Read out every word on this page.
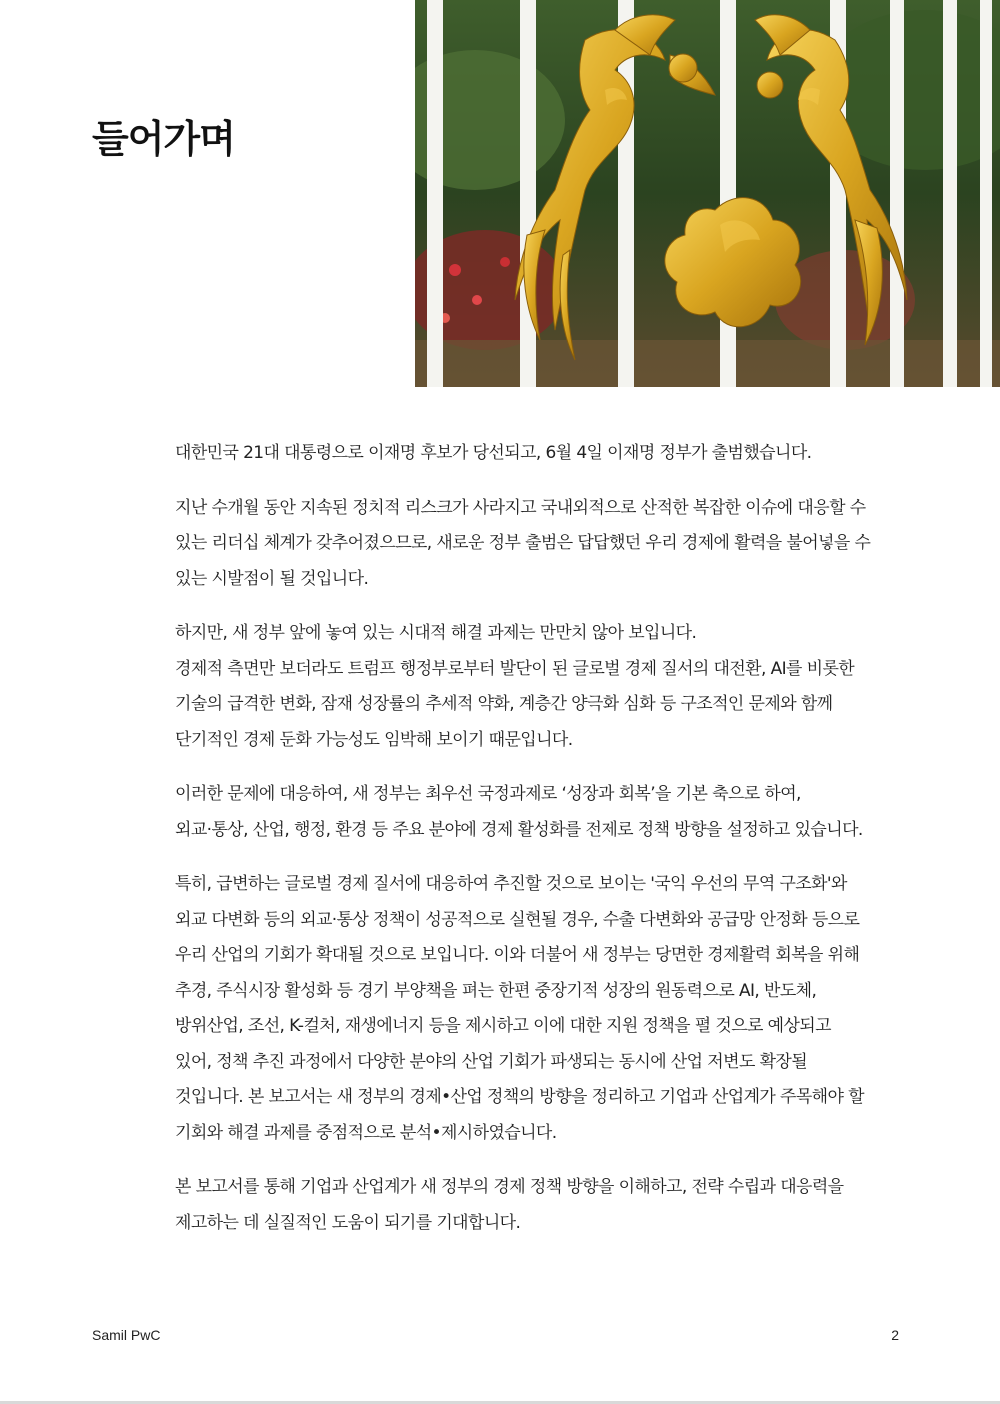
들어가며

대한민국 21대 대통령으로 이재명 후보가 당선되고, 6월 4일 이재명 정부가 출범했습니다.

지난 수개월 동안 지속된 정치적 리스크가 사라지고 국내외적으로 산적한 복잡한 이슈에 대응할 수
있는 리더십 체계가 갖추어졌으므로, 새로운 정부 출범은 답답했던 우리 경제에 활력을 불어넣을 수
있는 시발점이 될 것입니다.

하지만, 새 정부 앞에 놓여 있는 시대적 해결 과제는 만만치 않아 보입니다.
경제적 측면만 보더라도 트럼프 행정부로부터 발단이 된 글로벌 경제 질서의 대전환, AI를 비롯한
기술의 급격한 변화, 잠재 성장률의 추세적 약화, 계층간 양극화 심화 등 구조적인 문제와 함께
단기적인 경제 둔화 가능성도 임박해 보이기 때문입니다.

이러한 문제에 대응하여, 새 정부는 최우선 국정과제로 ‘성장과 회복’을 기본 축으로 하여,
외교·통상, 산업, 행정, 환경 등 주요 분야에 경제 활성화를 전제로 정책 방향을 설정하고 있습니다.

특히, 급변하는 글로벌 경제 질서에 대응하여 추진할 것으로 보이는 '국익 우선의 무역 구조화'와
외교 다변화 등의 외교·통상 정책이 성공적으로 실현될 경우, 수출 다변화와 공급망 안정화 등으로
우리 산업의 기회가 확대될 것으로 보입니다. 이와 더불어 새 정부는 당면한 경제활력 회복을 위해
추경, 주식시장 활성화 등 경기 부양책을 펴는 한편 중장기적 성장의 원동력으로 AI, 반도체,
방위산업, 조선, K-컬처, 재생에너지 등을 제시하고 이에 대한 지원 정책을 펼 것으로 예상되고
있어, 정책 추진 과정에서 다양한 분야의 산업 기회가 파생되는 동시에 산업 저변도 확장될
것입니다. 본 보고서는 새 정부의 경제•산업 정책의 방향을 정리하고 기업과 산업계가 주목해야 할
기회와 해결 과제를 중점적으로 분석•제시하였습니다.

본 보고서를 통해 기업과 산업계가 새 정부의 경제 정책 방향을 이해하고, 전략 수립과 대응력을
제고하는 데 실질적인 도움이 되기를 기대합니다.

Samil PwC	2
